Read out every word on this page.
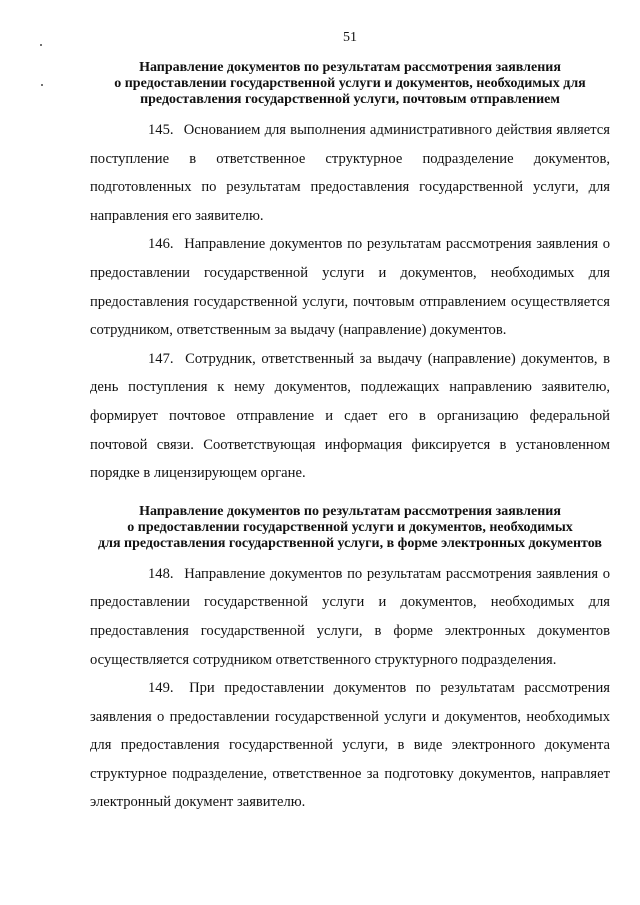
51

Направление документов по результатам рассмотрения заявления
о предоставлении государственной услуги и документов, необходимых для
предоставления государственной услуги, почтовым отправлением

145. Основанием для выполнения административного действия является поступление в ответственное структурное подразделение документов, подготовленных по результатам предоставления государственной услуги, для направления его заявителю.

146. Направление документов по результатам рассмотрения заявления о предоставлении государственной услуги и документов, необходимых для предоставления государственной услуги, почтовым отправлением осуществляется сотрудником, ответственным за выдачу (направление) документов.

147. Сотрудник, ответственный за выдачу (направление) документов, в день поступления к нему документов, подлежащих направлению заявителю, формирует почтовое отправление и сдает его в организацию федеральной почтовой связи. Соответствующая информация фиксируется в установленном порядке в лицензирующем органе.

Направление документов по результатам рассмотрения заявления
о предоставлении государственной услуги и документов, необходимых
для предоставления государственной услуги, в форме электронных документов

148. Направление документов по результатам рассмотрения заявления о предоставлении государственной услуги и документов, необходимых для предоставления государственной услуги, в форме электронных документов осуществляется сотрудником ответственного структурного подразделения.

149. При предоставлении документов по результатам рассмотрения заявления о предоставлении государственной услуги и документов, необходимых для предоставления государственной услуги, в виде электронного документа структурное подразделение, ответственное за подготовку документов, направляет электронный документ заявителю.
